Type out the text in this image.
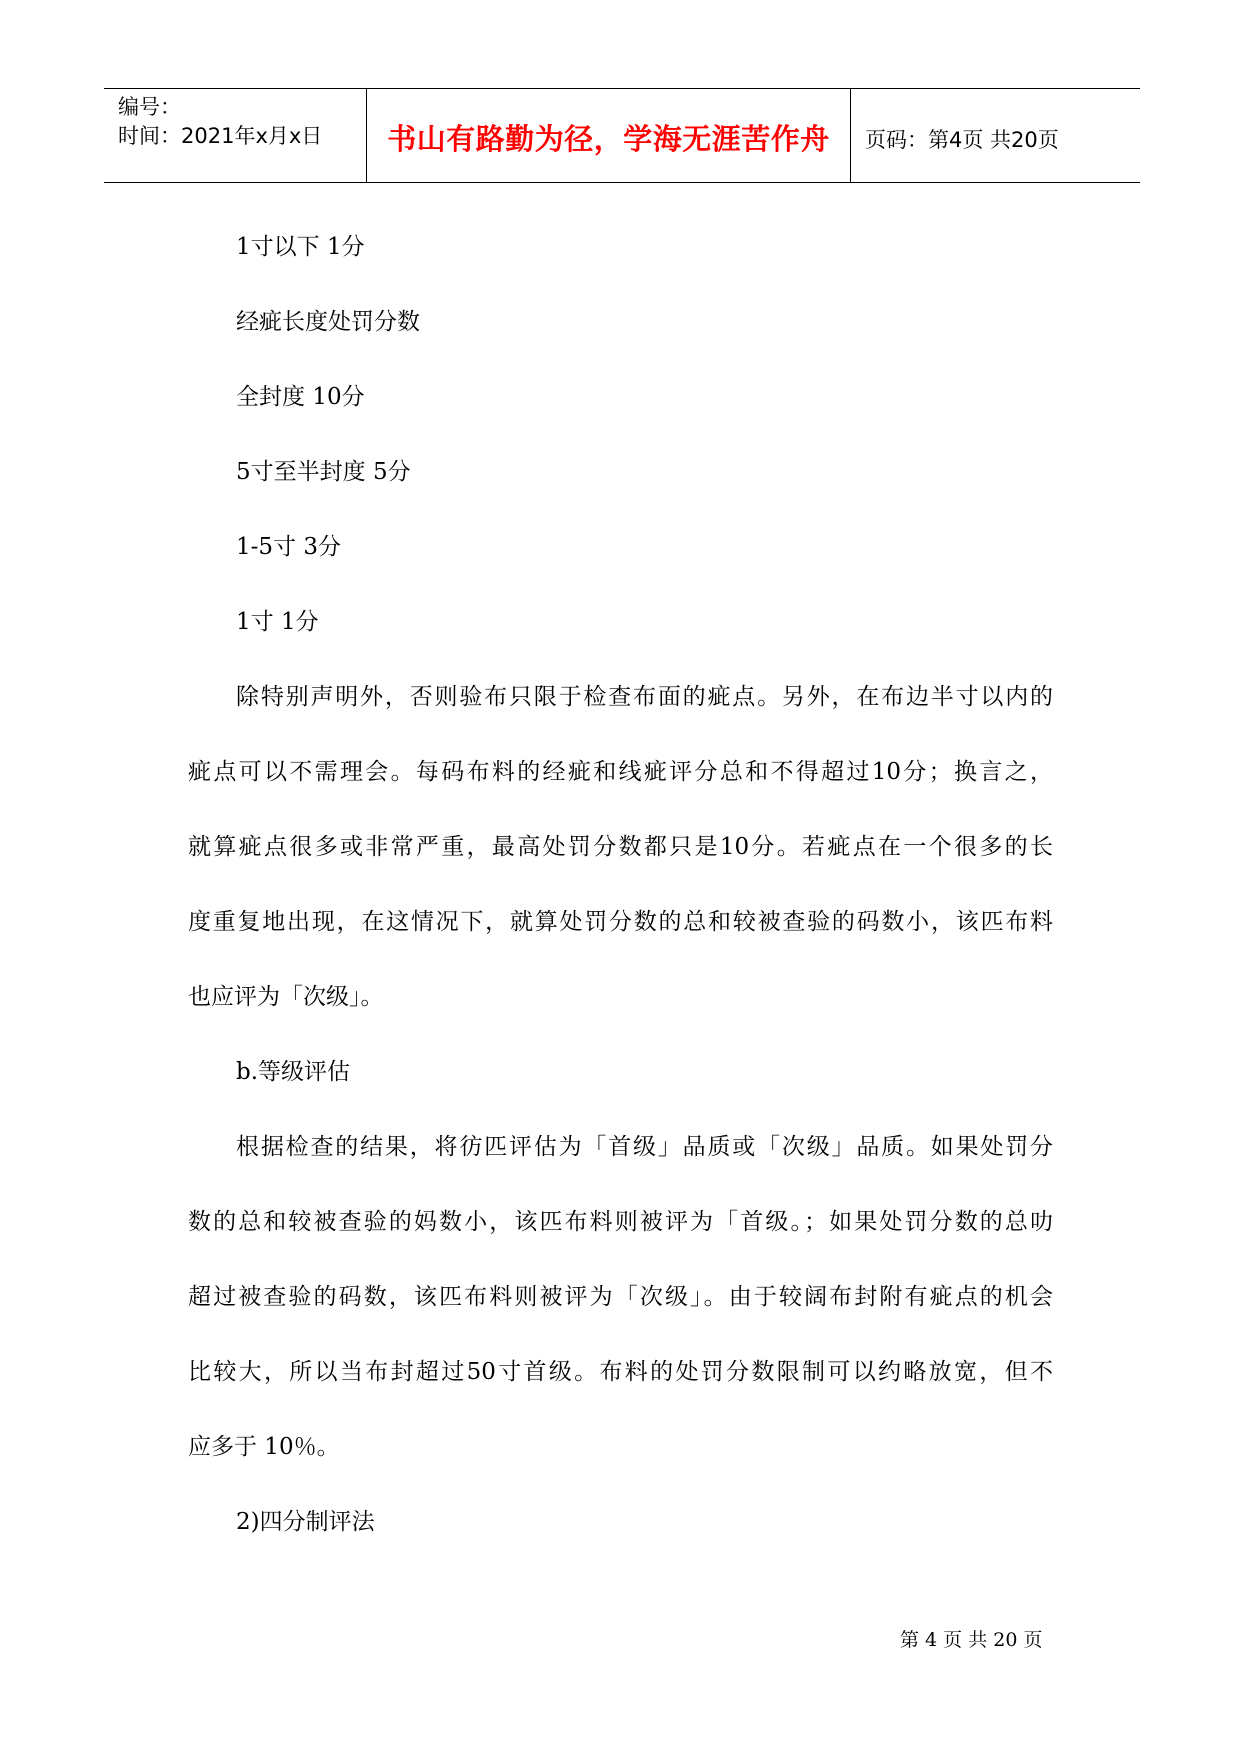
编号：
时间：2021年x月x日	书山有路勤为径，学海无涯苦作舟	页码：第4页 共20页
1寸以下 1分
经疵长度处罚分数
全封度 10分
5寸至半封度 5分
1-5寸 3分
1寸 1分
除特别声明外，否则验布只限于检查布面的疵点。另外，在布边半寸以内的
疵点可以不需理会。每码布料的经疵和线疵评分总和不得超过10分；换言之，
就算疵点很多或非常严重，最高处罚分数都只是10分。若疵点在一个很多的长
度重复地出现，在这情况下，就算处罚分数的总和较被查验的码数小，该匹布料
也应评为「次级」。
b.等级评估
根据检查的结果，将彷匹评估为「首级」品质或「次级」品质。如果处罚分
数的总和较被查验的妈数小，该匹布料则被评为「首级。；如果处罚分数的总叻
超过被查验的码数，该匹布料则被评为「次级」。由于较阔布封附有疵点的机会
比较大，所以当布封超过50寸首级。布料的处罚分数限制可以约略放宽，但不
应多于 10％。
2)四分制评法
第 4 页 共 20 页
